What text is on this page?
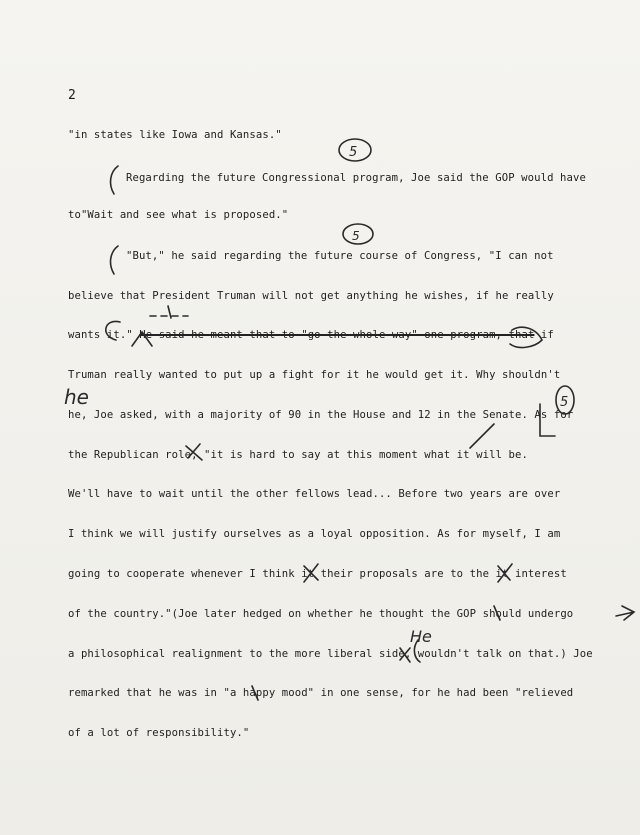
2
"in states like Iowa and Kansas."
Regarding the future Congressional program, Joe said the GOP would have
to"Wait and see what is proposed."
"But," he said regarding the future course of Congress, "I can not
believe that President Truman will not get anything he wishes, if he really
wants it." He said he meant that to "go the whole way" one program, that if
Truman really wanted to put up a fight for it he would get it. Why shouldn't
he, Joe asked, with a majority of 90 in the House and 12 in the Senate. As for
the Republican role, "it is hard to say at this moment what it will be.
We'll have to wait until the other fellows lead... Before two years are over
I think we will justify ourselves as a loyal opposition. As for myself, I am
going to cooperate whenever I think it their proposals are to the it interest
of the country."(Joe later hedged on whether he thought the GOP should undergo
a philosophical realignment to the more liberal side, wouldn't talk on that.) Joe
remarked that he was in "a happy mood" in one sense, for he had been "relieved
of a lot of responsibility."
5
5
5
he
He
